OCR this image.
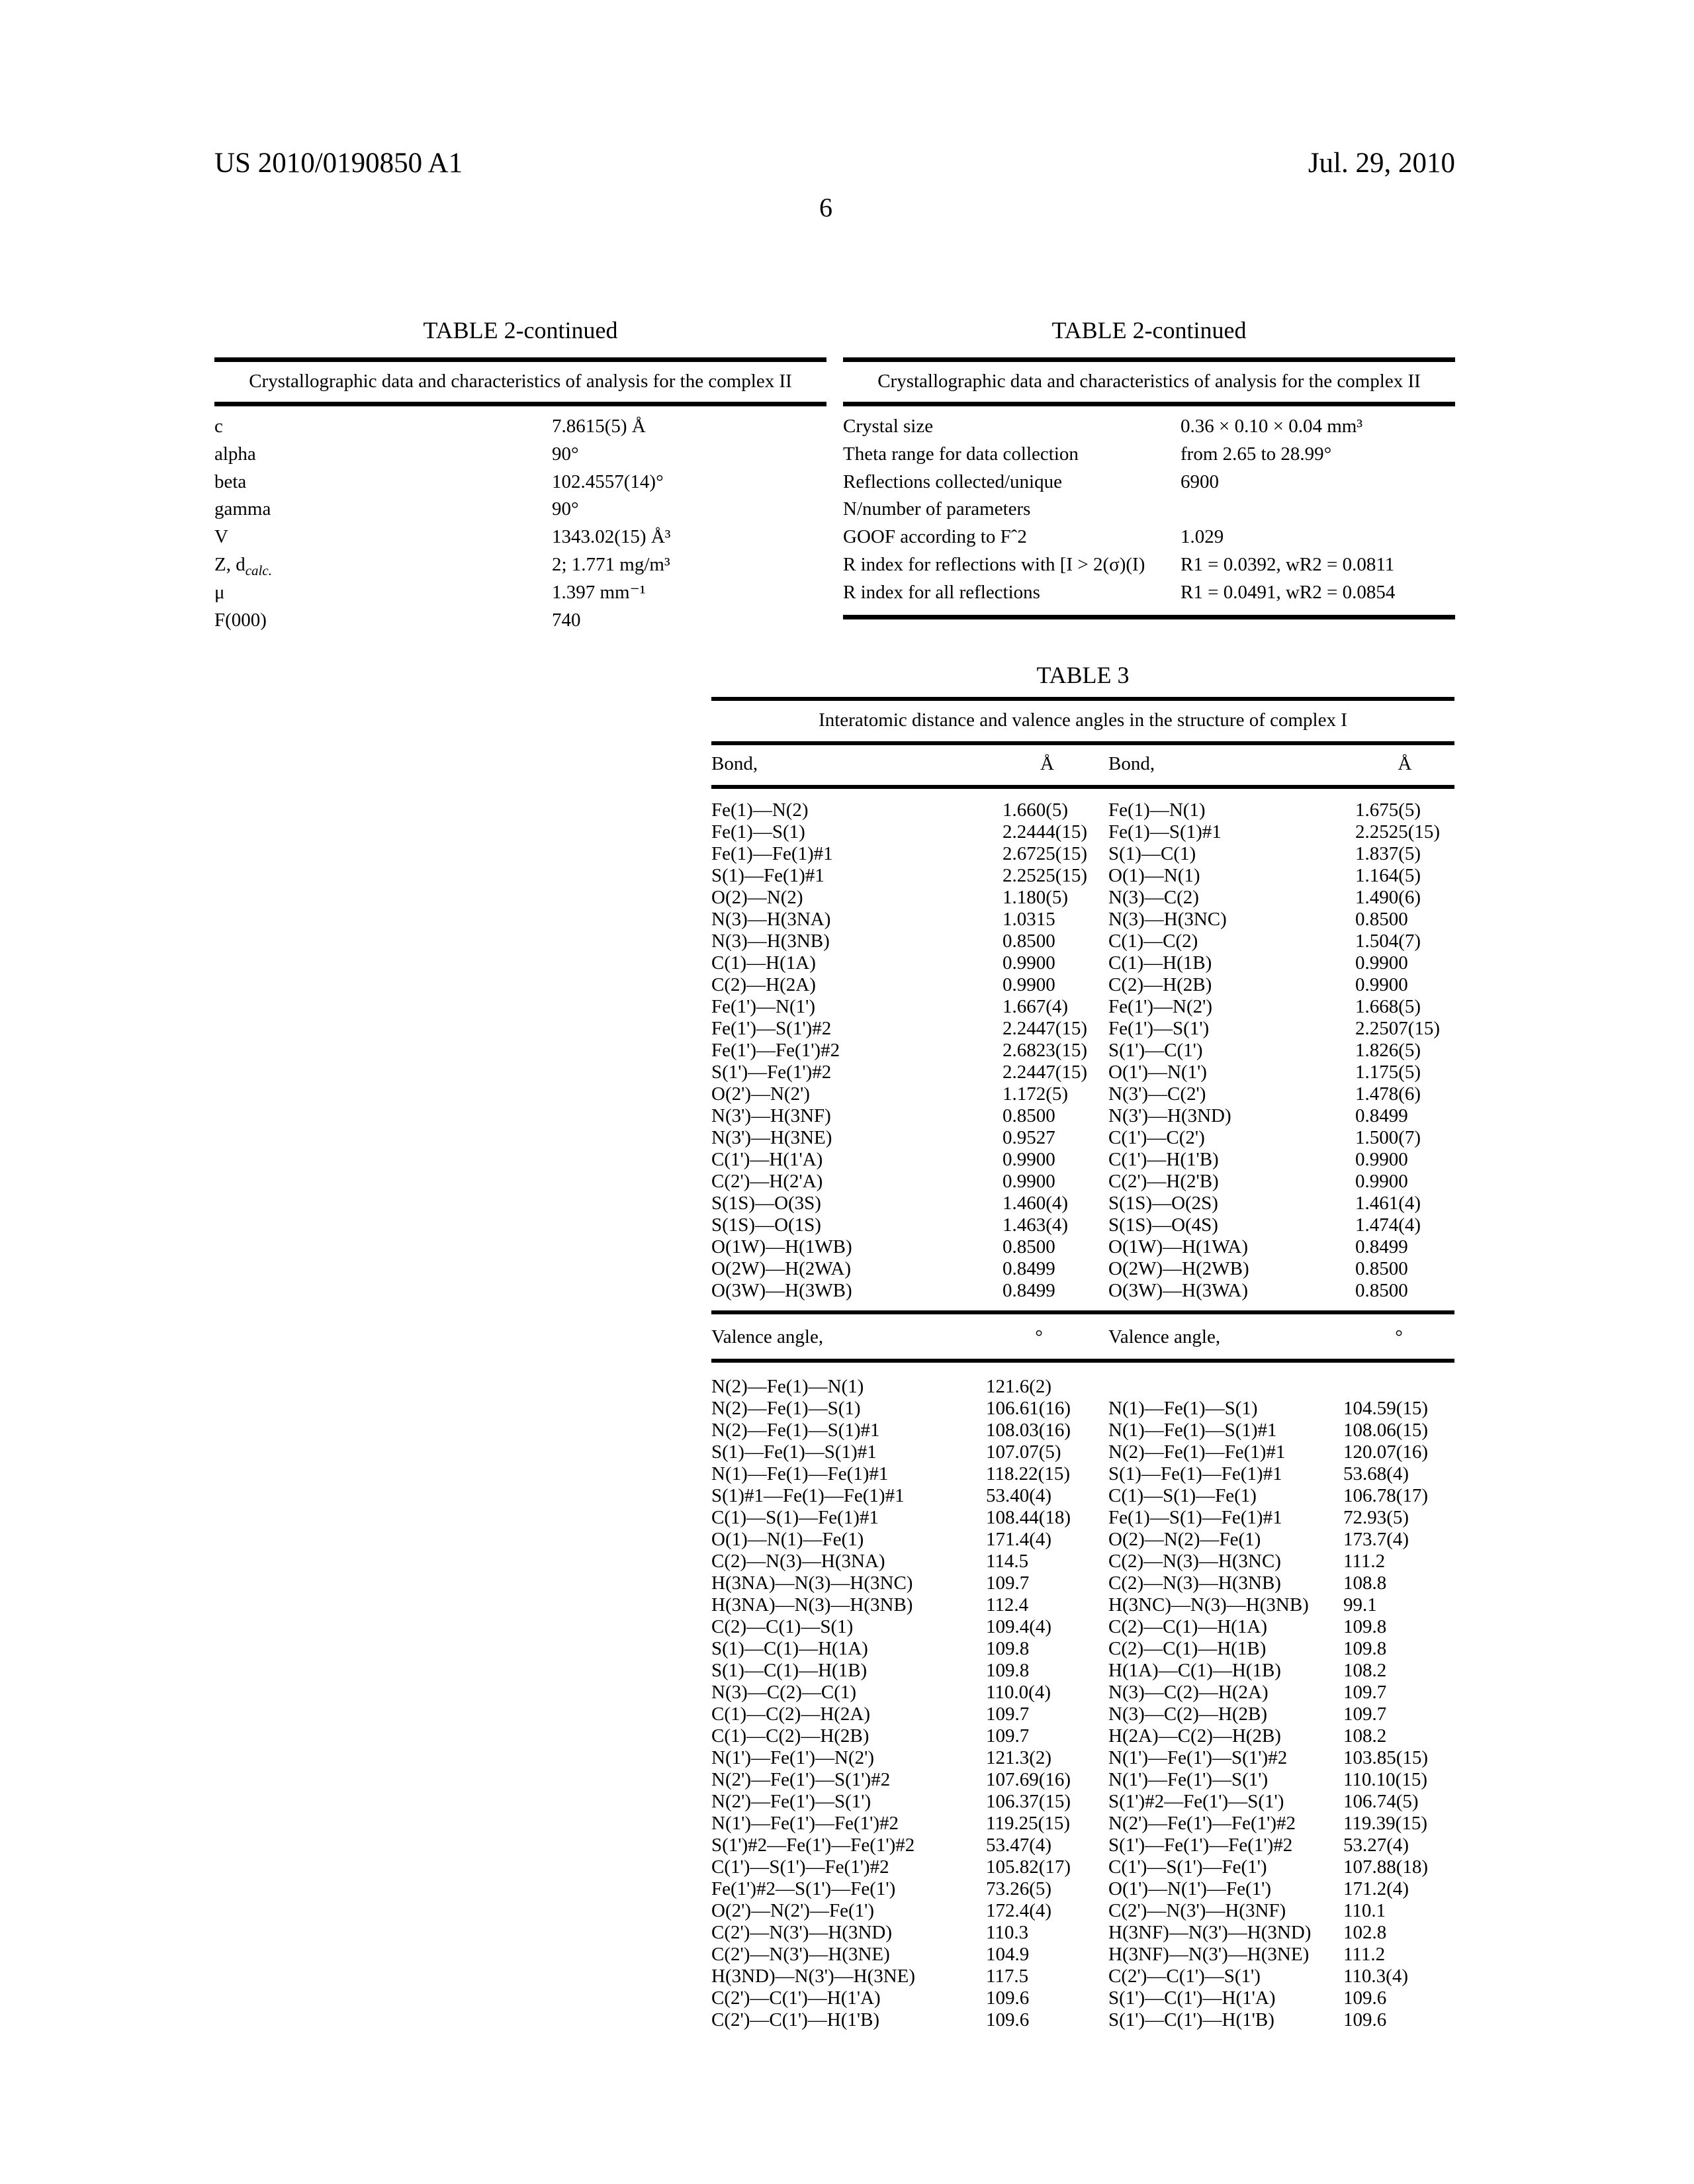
US 2010/0190850 A1	Jul. 29, 2010
6
TABLE 2-continued
Crystallographic data and characteristics of analysis for the complex II
c	7.8615(5) Å
alpha	90°
beta	102.4557(14)°
gamma	90°
V	1343.02(15) Å³
Z, $d_{calc.}$	2; 1.771 mg/m³
μ	1.397 mm⁻¹
F(000)	740
TABLE 2-continued
Crystallographic data and characteristics of analysis for the complex II
Crystal size	0.36 × 0.10 × 0.04 mm³
Theta range for data collection	from 2.65 to 28.99°
Reflections collected/unique	6900
N/number of parameters
GOOF according to Fˆ2	1.029
R index for reflections with [I > 2(σ)(I)	R1 = 0.0392, wR2 = 0.0811
R index for all reflections	R1 = 0.0491, wR2 = 0.0854
TABLE 3
Interatomic distance and valence angles in the structure of complex I
Bond,	Å	Bond,	Å
Fe(1)—N(2)	1.660(5)	Fe(1)—N(1)	1.675(5)
Fe(1)—S(1)	2.2444(15) Fe(1)—S(1)#1	2.2525(15)
Fe(1)—Fe(1)#1	2.6725(15) S(1)—C(1)	1.837(5)
S(1)—Fe(1)#1	2.2525(15) O(1)—N(1)	1.164(5)
O(2)—N(2)	1.180(5)	N(3)—C(2)	1.490(6)
N(3)—H(3NA)	1.0315	N(3)—H(3NC)	0.8500
N(3)—H(3NB)	0.8500	C(1)—C(2)	1.504(7)
C(1)—H(1A)	0.9900	C(1)—H(1B)	0.9900
C(2)—H(2A)	0.9900	C(2)—H(2B)	0.9900
Fe(1')—N(1')	1.667(4)	Fe(1')—N(2')	1.668(5)
Fe(1')—S(1')#2	2.2447(15) Fe(1')—S(1')	2.2507(15)
Fe(1')—Fe(1')#2	2.6823(15) S(1')—C(1')	1.826(5)
S(1')—Fe(1')#2	2.2447(15) O(1')—N(1')	1.175(5)
O(2')—N(2')	1.172(5)	N(3')—C(2')	1.478(6)
N(3')—H(3NF)	0.8500	N(3')—H(3ND)	0.8499
N(3')—H(3NE)	0.9527	C(1')—C(2')	1.500(7)
C(1')—H(1'A)	0.9900	C(1')—H(1'B)	0.9900
C(2')—H(2'A)	0.9900	C(2')—H(2'B)	0.9900
S(1S)—O(3S)	1.460(4)	S(1S)—O(2S)	1.461(4)
S(1S)—O(1S)	1.463(4)	S(1S)—O(4S)	1.474(4)
O(1W)—H(1WB)	0.8500	O(1W)—H(1WA)	0.8499
O(2W)—H(2WA)	0.8499	O(2W)—H(2WB)	0.8500
O(3W)—H(3WB)	0.8499	O(3W)—H(3WA)	0.8500
Valence angle,	°	Valence angle,	°
N(2)—Fe(1)—N(1)	121.6(2)
N(2)—Fe(1)—S(1)	106.61(16)	N(1)—Fe(1)—S(1)	104.59(15)
N(2)—Fe(1)—S(1)#1	108.03(16)	N(1)—Fe(1)—S(1)#1	108.06(15)
S(1)—Fe(1)—S(1)#1	107.07(5)	N(2)—Fe(1)—Fe(1)#1	120.07(16)
N(1)—Fe(1)—Fe(1)#1	118.22(15)	S(1)—Fe(1)—Fe(1)#1	53.68(4)
S(1)#1—Fe(1)—Fe(1)#1	53.40(4)	C(1)—S(1)—Fe(1)	106.78(17)
C(1)—S(1)—Fe(1)#1	108.44(18)	Fe(1)—S(1)—Fe(1)#1	72.93(5)
O(1)—N(1)—Fe(1)	171.4(4)	O(2)—N(2)—Fe(1)	173.7(4)
C(2)—N(3)—H(3NA)	114.5	C(2)—N(3)—H(3NC)	111.2
H(3NA)—N(3)—H(3NC)	109.7	C(2)—N(3)—H(3NB)	108.8
H(3NA)—N(3)—H(3NB)	112.4	H(3NC)—N(3)—H(3NB)	99.1
C(2)—C(1)—S(1)	109.4(4)	C(2)—C(1)—H(1A)	109.8
S(1)—C(1)—H(1A)	109.8	C(2)—C(1)—H(1B)	109.8
S(1)—C(1)—H(1B)	109.8	H(1A)—C(1)—H(1B)	108.2
N(3)—C(2)—C(1)	110.0(4)	N(3)—C(2)—H(2A)	109.7
C(1)—C(2)—H(2A)	109.7	N(3)—C(2)—H(2B)	109.7
C(1)—C(2)—H(2B)	109.7	H(2A)—C(2)—H(2B)	108.2
N(1')—Fe(1')—N(2')	121.3(2)	N(1')—Fe(1')—S(1')#2	103.85(15)
N(2')—Fe(1')—S(1')#2	107.69(16)	N(1')—Fe(1')—S(1')	110.10(15)
N(2')—Fe(1')—S(1')	106.37(15)	S(1')#2—Fe(1')—S(1')	106.74(5)
N(1')—Fe(1')—Fe(1')#2	119.25(15)	N(2')—Fe(1')—Fe(1')#2	119.39(15)
S(1')#2—Fe(1')—Fe(1')#2	53.47(4)	S(1')—Fe(1')—Fe(1')#2	53.27(4)
C(1')—S(1')—Fe(1')#2	105.82(17)	C(1')—S(1')—Fe(1')	107.88(18)
Fe(1')#2—S(1')—Fe(1')	73.26(5)	O(1')—N(1')—Fe(1')	171.2(4)
O(2')—N(2')—Fe(1')	172.4(4)	C(2')—N(3')—H(3NF)	110.1
C(2')—N(3')—H(3ND)	110.3	H(3NF)—N(3')—H(3ND)	102.8
C(2')—N(3')—H(3NE)	104.9	H(3NF)—N(3')—H(3NE)	111.2
H(3ND)—N(3')—H(3NE)	117.5	C(2')—C(1')—S(1')	110.3(4)
C(2')—C(1')—H(1'A)	109.6	S(1')—C(1')—H(1'A)	109.6
C(2')—C(1')—H(1'B)	109.6	S(1')—C(1')—H(1'B)	109.6
